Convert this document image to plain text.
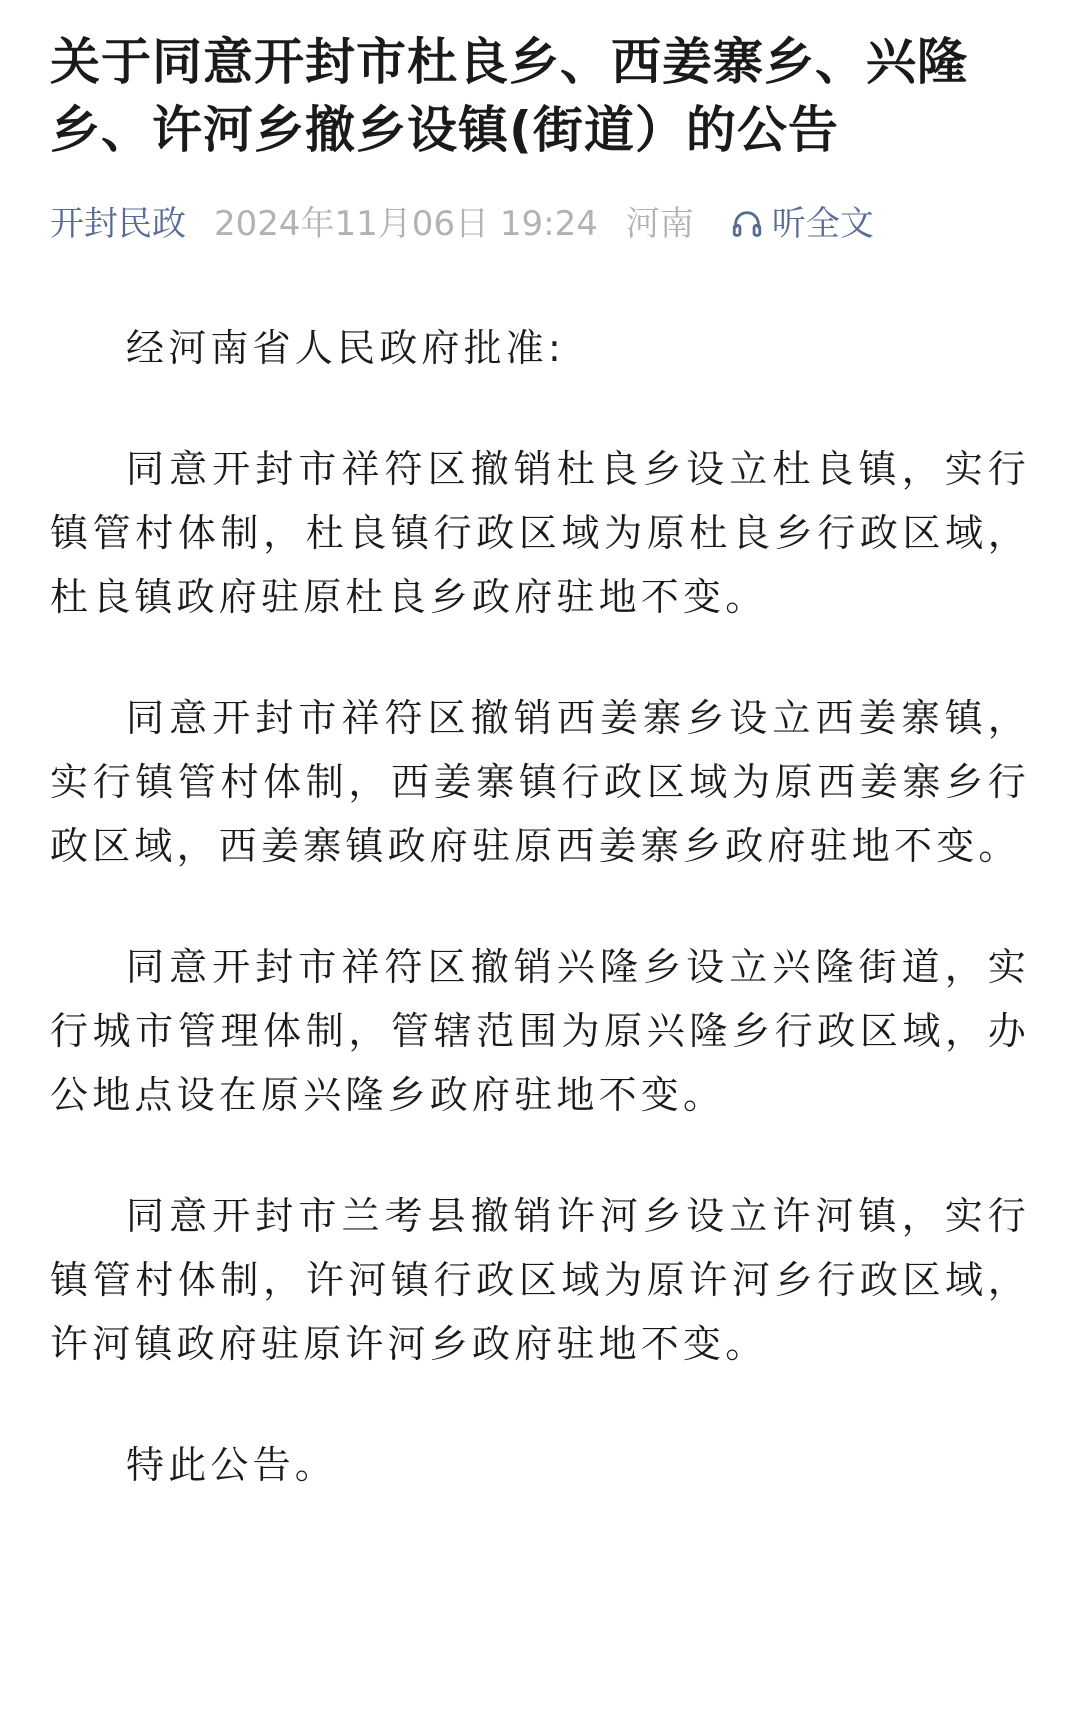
关于同意开封市杜良乡、西姜寨乡、兴隆乡、许河乡撤乡设镇(街道）的公告
开封民政 2024年11月06日 19:24 河南 听全文

经河南省人民政府批准:

同意开封市祥符区撤销杜良乡设立杜良镇，实行镇管村体制，杜良镇行政区域为原杜良乡行政区域，杜良镇政府驻原杜良乡政府驻地不变。

同意开封市祥符区撤销西姜寨乡设立西姜寨镇，实行镇管村体制，西姜寨镇行政区域为原西姜寨乡行政区域，西姜寨镇政府驻原西姜寨乡政府驻地不变。

同意开封市祥符区撤销兴隆乡设立兴隆街道，实行城市管理体制，管辖范围为原兴隆乡行政区域，办公地点设在原兴隆乡政府驻地不变。

同意开封市兰考县撤销许河乡设立许河镇，实行镇管村体制，许河镇行政区域为原许河乡行政区域，许河镇政府驻原许河乡政府驻地不变。

特此公告。
